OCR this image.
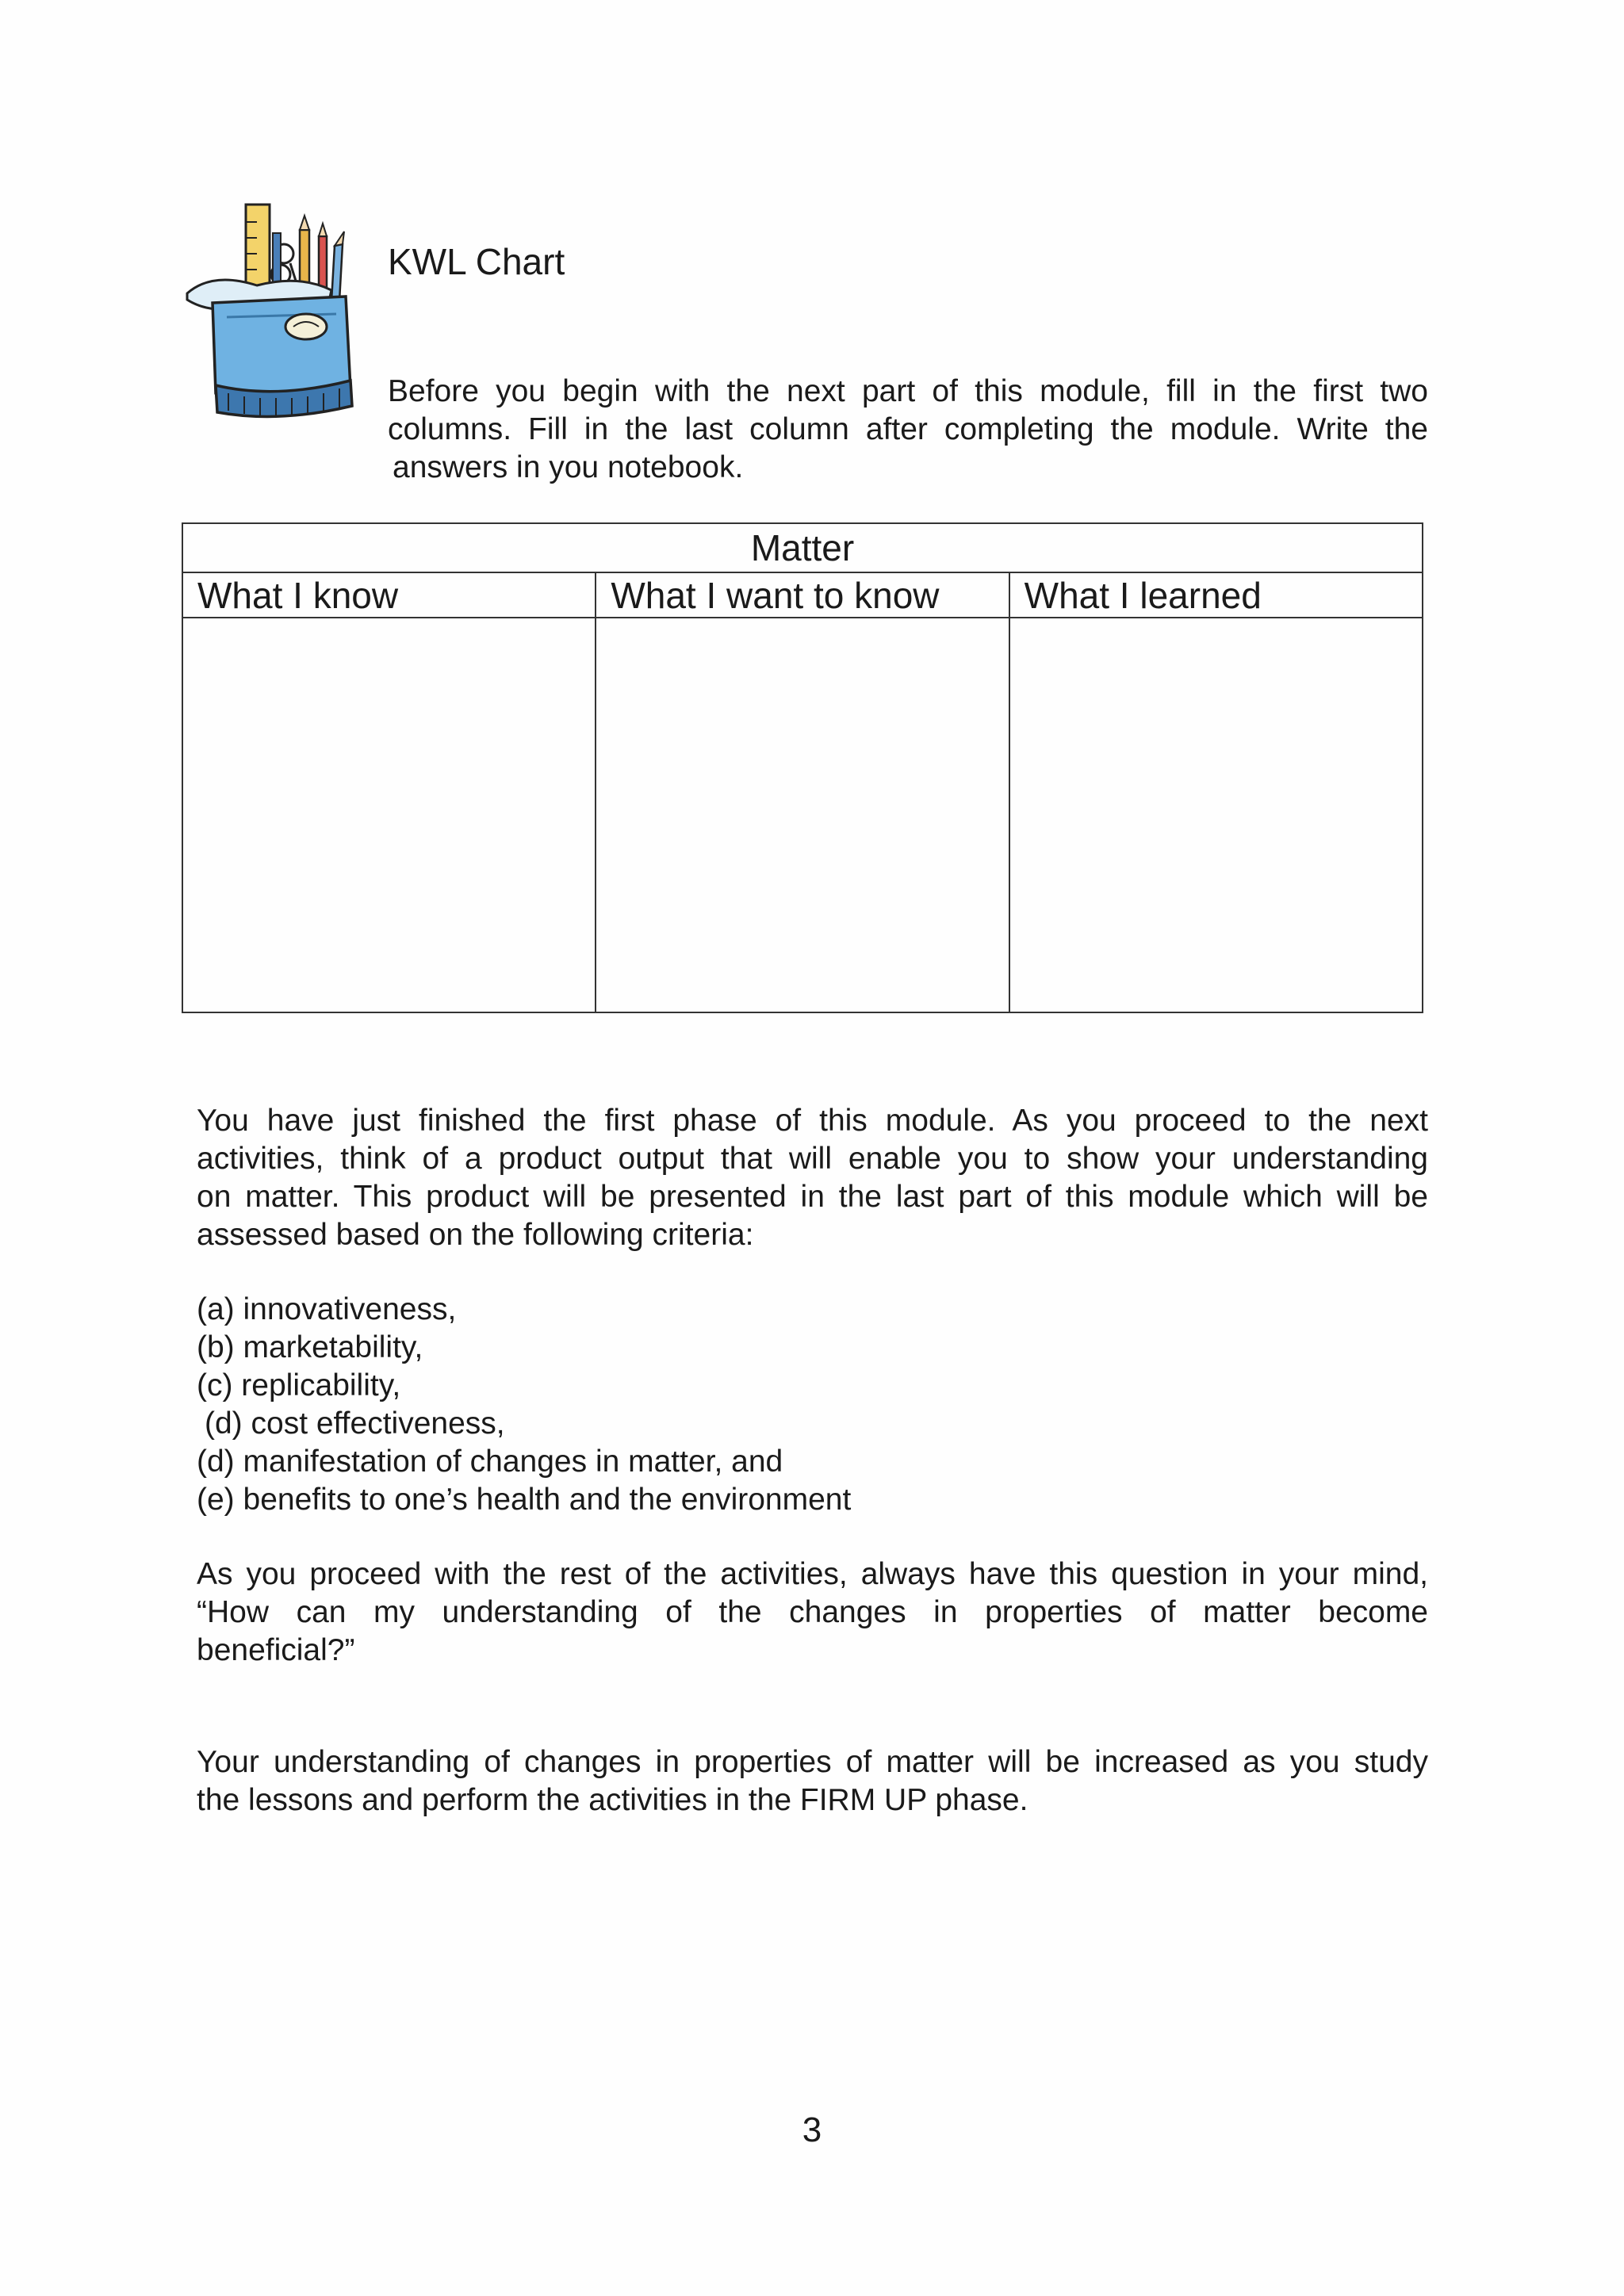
KWL Chart
Before you begin with the next part of this module, fill in the first two
columns. Fill in the last column after completing the module. Write the
answers in you notebook.
Matter		
What I know	What I want to know	What I learned

You have just finished the first phase of this module. As you proceed to the next
activities, think of a product output that will enable you to show your understanding
on matter. This product will be presented in the last part of this module which will be
assessed based on the following criteria:
(a) innovativeness,
(b) marketability,
(c) replicability,
(d) cost effectiveness,
(d) manifestation of changes in matter, and
(e) benefits to one’s health and the environment
As you proceed with the rest of the activities, always have this question in your mind,
“How can my understanding of the changes in properties of matter become
beneficial?”
Your understanding of changes in properties of matter will be increased as you study
the lessons and perform the activities in the FIRM UP phase.
3
